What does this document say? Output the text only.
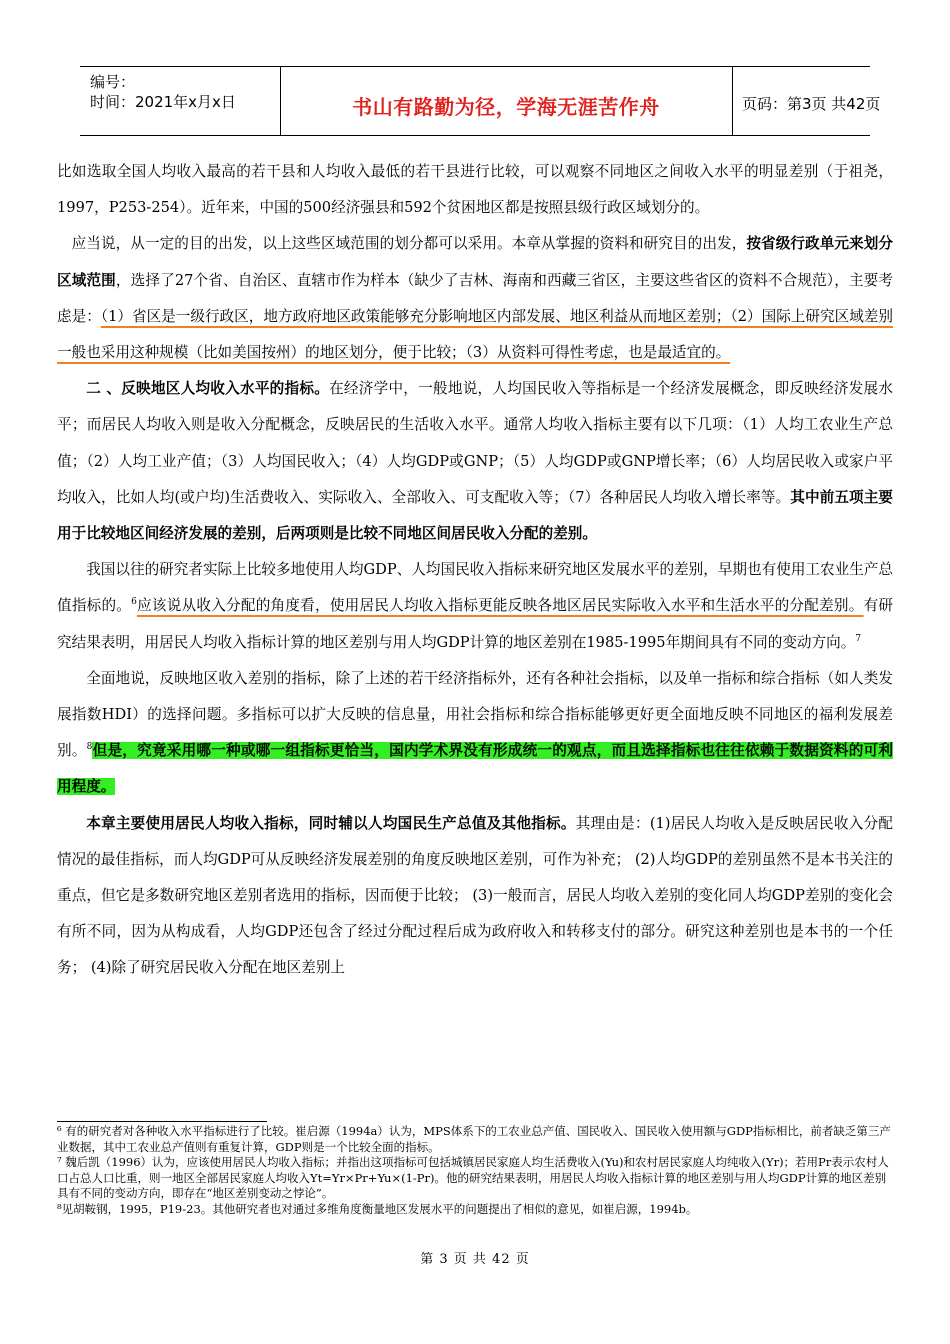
编号：
时间：2021年x月x日	书山有路勤为径，学海无涯苦作舟	页码：第3页 共42页

比如选取全国人均收入最高的若干县和人均收入最低的若干县进行比较，可以观察不同地区之间收入水平的明显差别（于祖尧，1997，P253-254）。近年来，中国的500经济强县和592个贫困地区都是按照县级行政区域划分的。

应当说，从一定的目的出发，以上这些区域范围的划分都可以采用。本章从掌握的资料和研究目的出发，按省级行政单元来划分区域范围，选择了27个省、自治区、直辖市作为样本（缺少了吉林、海南和西藏三省区，主要这些省区的资料不合规范），主要考虑是：（1）省区是一级行政区，地方政府地区政策能够充分影响地区内部发展、地区利益从而地区差别；（2）国际上研究区域差别一般也采用这种规模（比如美国按州）的地区划分，便于比较；（3）从资料可得性考虑，也是最适宜的。

二 、反映地区人均收入水平的指标。在经济学中，一般地说，人均国民收入等指标是一个经济发展概念，即反映经济发展水平；而居民人均收入则是收入分配概念，反映居民的生活收入水平。通常人均收入指标主要有以下几项：（1）人均工农业生产总值；（2）人均工业产值；（3）人均国民收入；（4）人均GDP或GNP；（5）人均GDP或GNP增长率；（6）人均居民收入或家户平均收入，比如人均(或户均)生活费收入、实际收入、全部收入、可支配收入等；（7）各种居民人均收入增长率等。其中前五项主要用于比较地区间经济发展的差别，后两项则是比较不同地区间居民收入分配的差别。

我国以往的研究者实际上比较多地使用人均GDP、人均国民收入指标来研究地区发展水平的差别，早期也有使用工农业生产总值指标的。$^6$应该说从收入分配的角度看，使用居民人均收入指标更能反映各地区居民实际收入水平和生活水平的分配差别。有研究结果表明，用居民人均收入指标计算的地区差别与用人均GDP计算的地区差别在1985-1995年期间具有不同的变动方向。$^7$

全面地说，反映地区收入差别的指标，除了上述的若干经济指标外，还有各种社会指标，以及单一指标和综合指标（如人类发展指数HDI）的选择问题。多指标可以扩大反映的信息量，用社会指标和综合指标能够更好更全面地反映不同地区的福利发展差别。$^8$但是，究竟采用哪一种或哪一组指标更恰当，国内学术界没有形成统一的观点，而且选择指标也往往依赖于数据资料的可利用程度。

本章主要使用居民人均收入指标，同时辅以人均国民生产总值及其他指标。其理由是：(1)居民人均收入是反映居民收入分配情况的最佳指标，而人均GDP可从反映经济发展差别的角度反映地区差别，可作为补充； (2)人均GDP的差别虽然不是本书关注的重点，但它是多数研究地区差别者选用的指标，因而便于比较； (3)一般而言，居民人均收入差别的变化同人均GDP差别的变化会有所不同，因为从构成看，人均GDP还包含了经过分配过程后成为政府收入和转移支付的部分。研究这种差别也是本书的一个任务； (4)除了研究居民收入分配在地区差别上

⁶ 有的研究者对各种收入水平指标进行了比较。崔启源（1994a）认为，MPS体系下的工农业总产值、国民收入、国民收入使用额与GDP指标相比，前者缺乏第三产业数据，其中工农业总产值则有重复计算，GDP则是一个比较全面的指标。

⁷ 魏后凯（1996）认为，应该使用居民人均收入指标；并指出这项指标可包括城镇居民家庭人均生活费收入(Yu)和农村居民家庭人均纯收入(Yr)；若用Pr表示农村人口占总人口比重，则一地区全部居民家庭人均收入Yt=Yr×Pr+Yu×(1-Pr)。他的研究结果表明，用居民人均收入指标计算的地区差别与用人均GDP计算的地区差别具有不同的变动方向，即存在“地区差别变动之悖论”。

⁸见胡鞍钢，1995，P19-23。其他研究者也对通过多维角度衡量地区发展水平的问题提出了相似的意见，如崔启源，1994b。

第 3 页 共 42 页
